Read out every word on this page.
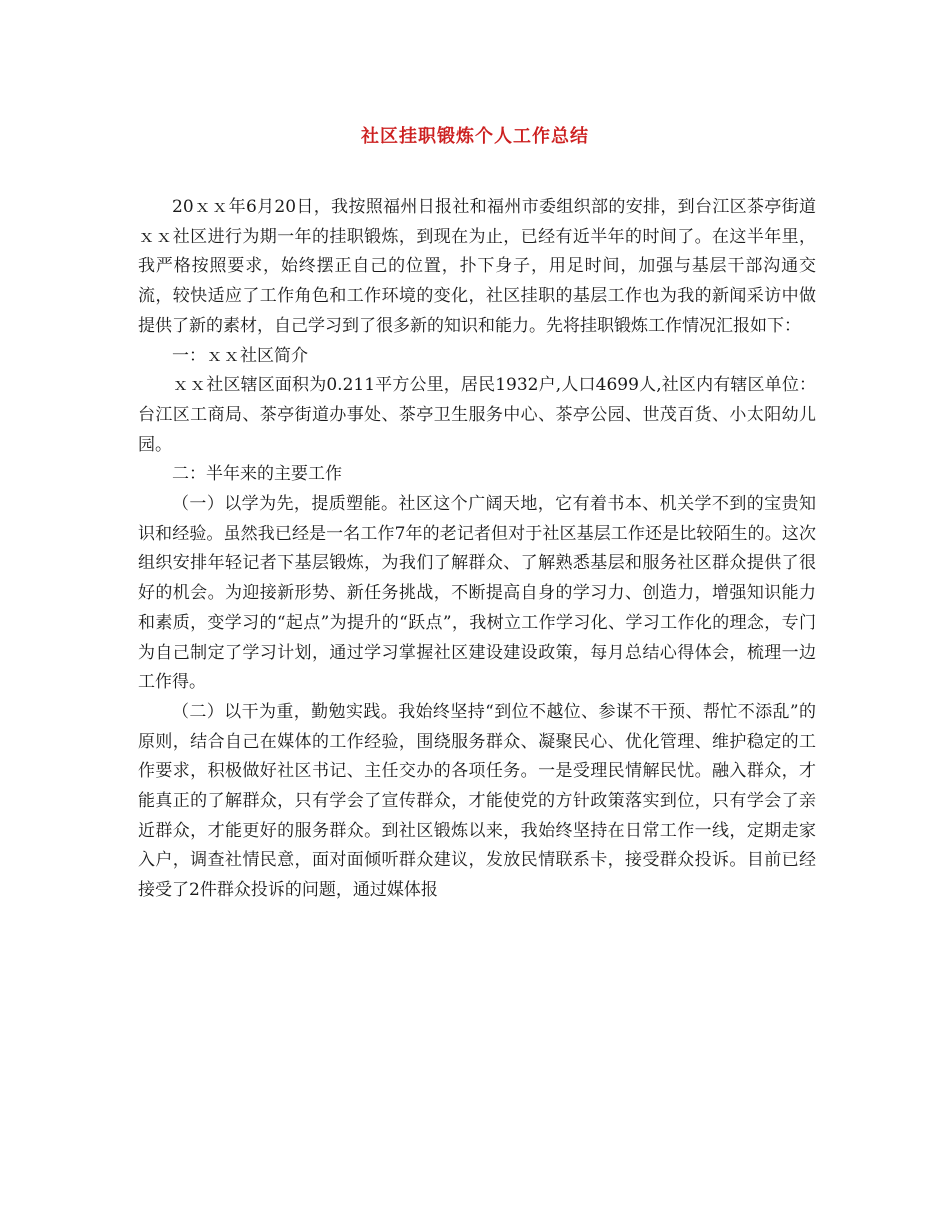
社区挂职锻炼个人工作总结

20ｘｘ年6月20日，我按照福州日报社和福州市委组织部的安排，到台江区茶亭街道ｘｘ社区进行为期一年的挂职锻炼，到现在为止，已经有近半年的时间了。在这半年里，我严格按照要求，始终摆正自己的位置，扑下身子，用足时间，加强与基层干部沟通交流，较快适应了工作角色和工作环境的变化，社区挂职的基层工作也为我的新闻采访中做提供了新的素材，自己学习到了很多新的知识和能力。先将挂职锻炼工作情况汇报如下：

一：ｘｘ社区简介

ｘｘ社区辖区面积为0.211平方公里，居民1932户,人口4699人,社区内有辖区单位：台江区工商局、茶亭街道办事处、茶亭卫生服务中心、茶亭公园、世茂百货、小太阳幼儿园。

二：半年来的主要工作

（一）以学为先，提质塑能。社区这个广阔天地，它有着书本、机关学不到的宝贵知识和经验。虽然我已经是一名工作7年的老记者但对于社区基层工作还是比较陌生的。这次组织安排年轻记者下基层锻炼，为我们了解群众、了解熟悉基层和服务社区群众提供了很好的机会。为迎接新形势、新任务挑战，不断提高自身的学习力、创造力，增强知识能力和素质，变学习的“起点”为提升的“跃点”，我树立工作学习化、学习工作化的理念，专门为自己制定了学习计划，通过学习掌握社区建设建设政策，每月总结心得体会，梳理一边工作得。

（二）以干为重，勤勉实践。我始终坚持“到位不越位、参谋不干预、帮忙不添乱”的原则，结合自己在媒体的工作经验，围绕服务群众、凝聚民心、优化管理、维护稳定的工作要求，积极做好社区书记、主任交办的各项任务。一是受理民情解民忧。融入群众，才能真正的了解群众，只有学会了宣传群众，才能使党的方针政策落实到位，只有学会了亲近群众，才能更好的服务群众。到社区锻炼以来，我始终坚持在日常工作一线，定期走家入户，调查社情民意，面对面倾听群众建议，发放民情联系卡，接受群众投诉。目前已经接受了2件群众投诉的问题，通过媒体报
